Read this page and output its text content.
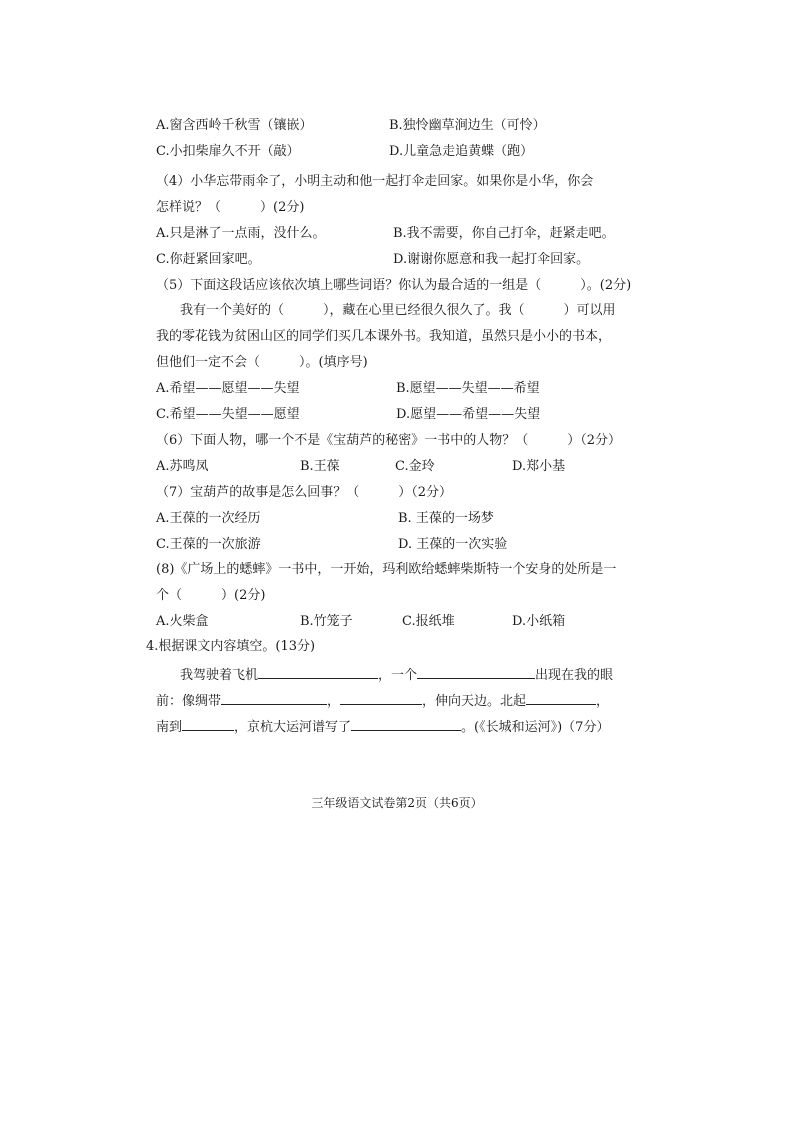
A.窗含西岭千秋雪（镶嵌）	B.独怜幽草涧边生（可怜）
C.小扣柴扉久不开（敲）	D.儿童急走追黄蝶（跑）
（4）小华忘带雨伞了，小明主动和他一起打伞走回家。如果你是小华，你会
怎样说？（　　　）(2分)
A.只是淋了一点雨，没什么。	B.我不需要，你自己打伞，赶紧走吧。
C.你赶紧回家吧。	D.谢谢你愿意和我一起打伞回家。
（5）下面这段话应该依次填上哪些词语？你认为最合适的一组是（　　　）。(2分)
我有一个美好的（　　　），藏在心里已经很久很久了。我（　　　）可以用
我的零花钱为贫困山区的同学们买几本课外书。我知道，虽然只是小小的书本，
但他们一定不会（　　　）。(填序号)
A.希望——愿望——失望	B.愿望——失望——希望
C.希望——失望——愿望	D.愿望——希望——失望
（6）下面人物，哪一个不是《宝葫芦的秘密》一书中的人物？（　　　）（2分）
A.苏鸣凤	B.王葆	C.金玲	D.郑小基
（7）宝葫芦的故事是怎么回事？（　　　）（2分）
A.王葆的一次经历	B. 王葆的一场梦
C.王葆的一次旅游	D. 王葆的一次实验
(8)《广场上的蟋蟀》一书中，一开始，玛利欧给蟋蟀柴斯特一个安身的处所是一
个（　　　）(2分)
A.火柴盒	B.竹笼子	C.报纸堆	D.小纸箱
4.根据课文内容填空。(13分)
我驾驶着飞机	，一个	出现在我的眼
前：像绸带	，	，伸向天边。北起	，
南到	，京杭大运河谱写了	。(《长城和运河》)（7分）
三年级语文试卷第2页（共6页）
